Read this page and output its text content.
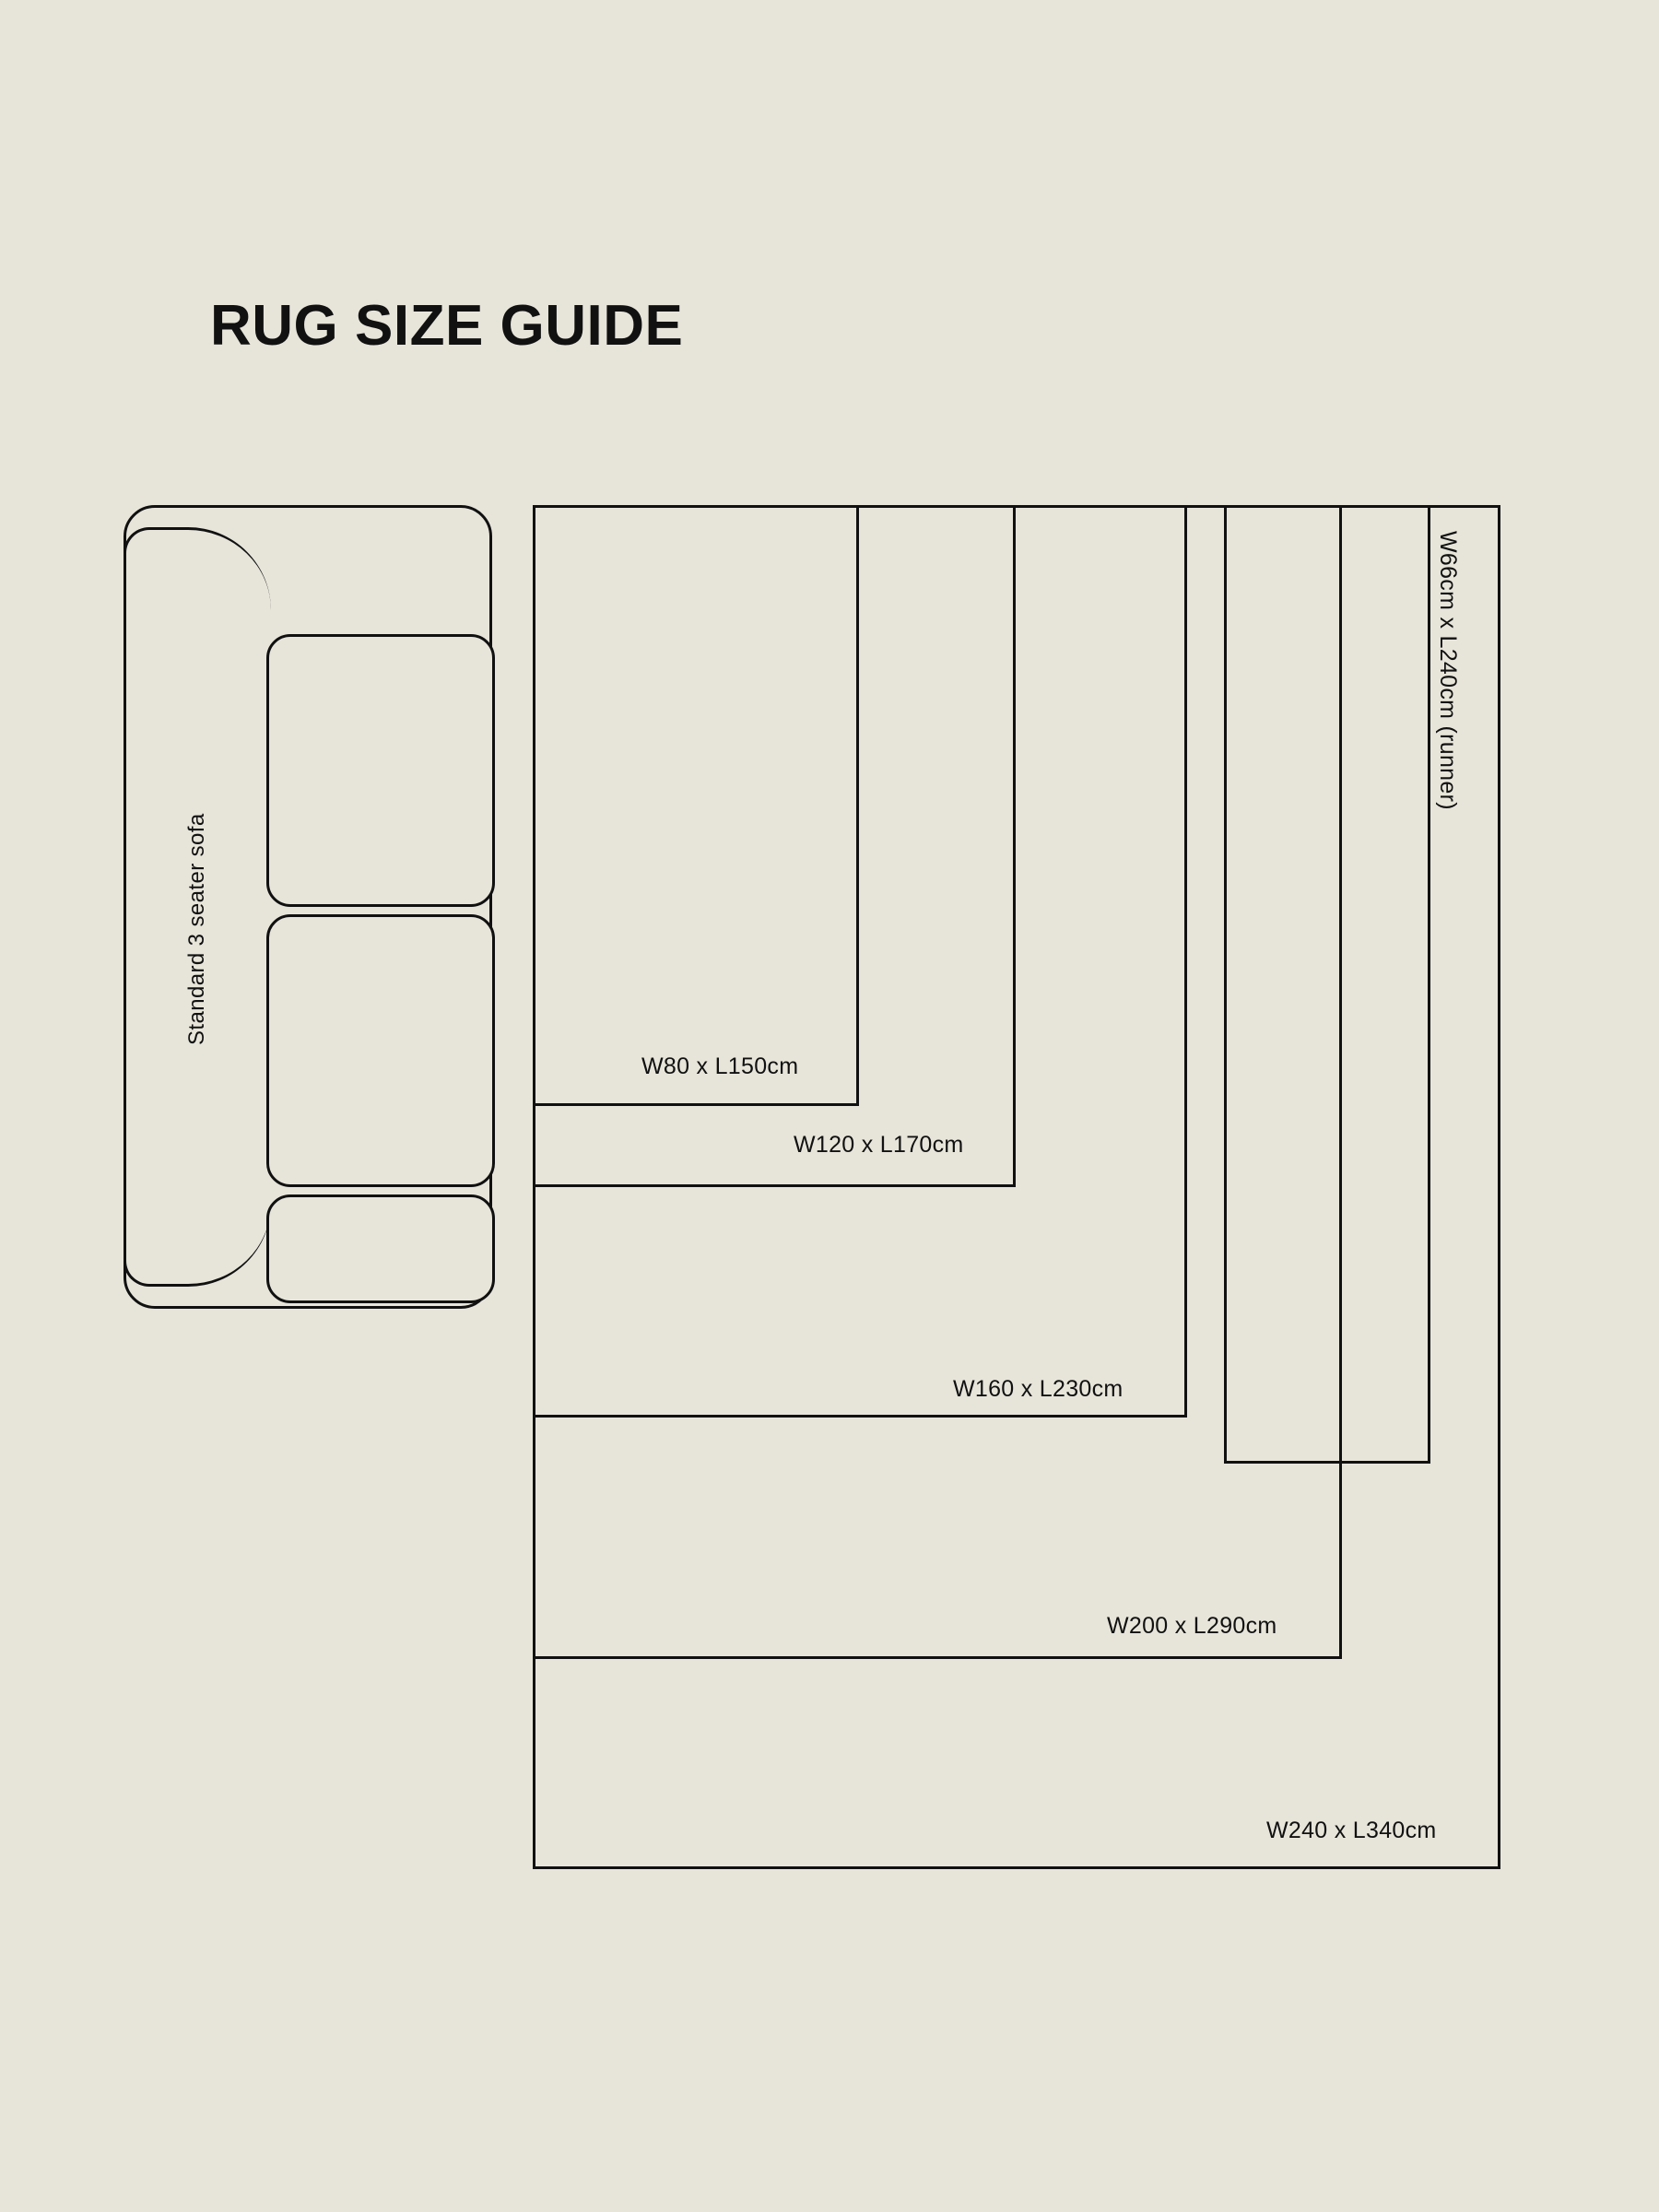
RUG SIZE GUIDE
Standard 3 seater sofa
W80 x L150cm
W120 x L170cm
W160 x L230cm
W200 x L290cm
W240 x L340cm
W66cm x L240cm (runner)
